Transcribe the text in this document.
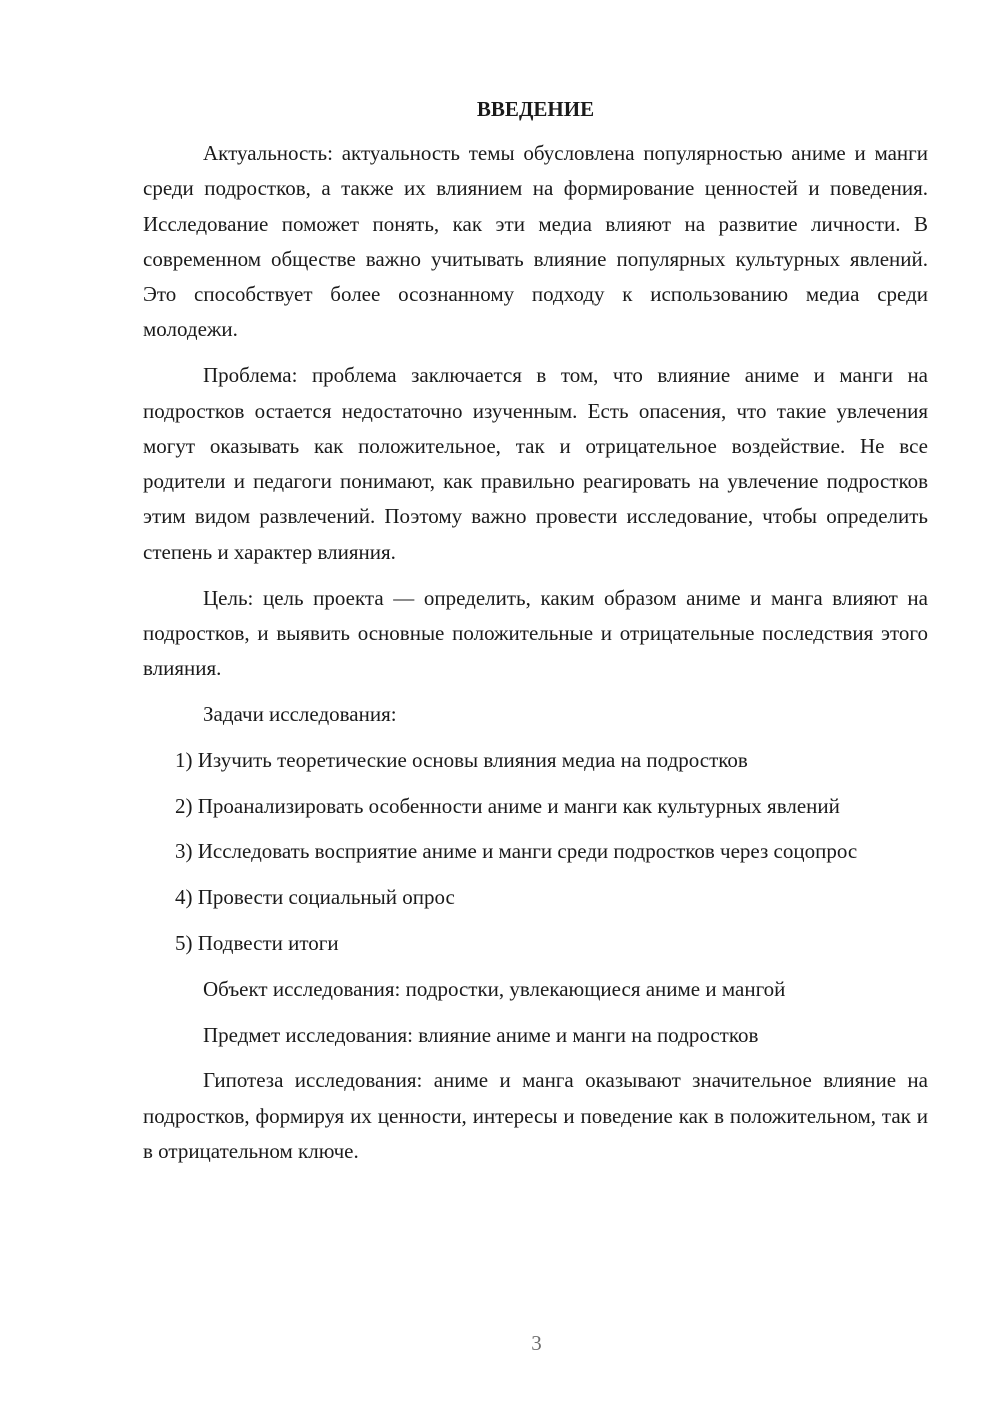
ВВЕДЕНИЕ

Актуальность: актуальность темы обусловлена популярностью аниме и манги среди подростков, а также их влиянием на формирование ценностей и поведения. Исследование поможет понять, как эти медиа влияют на развитие личности. В современном обществе важно учитывать влияние популярных культурных явлений. Это способствует более осознанному подходу к использованию медиа среди молодежи.

Проблема: проблема заключается в том, что влияние аниме и манги на подростков остается недостаточно изученным. Есть опасения, что такие увлечения могут оказывать как положительное, так и отрицательное воздействие. Не все родители и педагоги понимают, как правильно реагировать на увлечение подростков этим видом развлечений. Поэтому важно провести исследование, чтобы определить степень и характер влияния.

Цель: цель проекта — определить, каким образом аниме и манга влияют на подростков, и выявить основные положительные и отрицательные последствия этого влияния.

Задачи исследования:

1) Изучить теоретические основы влияния медиа на подростков

2) Проанализировать особенности аниме и манги как культурных явлений

3) Исследовать восприятие аниме и манги среди подростков через соцопрос

4) Провести социальный опрос

5) Подвести итоги

Объект исследования: подростки, увлекающиеся аниме и мангой

Предмет исследования: влияние аниме и манги на подростков

Гипотеза исследования: аниме и манга оказывают значительное влияние на подростков, формируя их ценности, интересы и поведение как в положительном, так и в отрицательном ключе.

3
